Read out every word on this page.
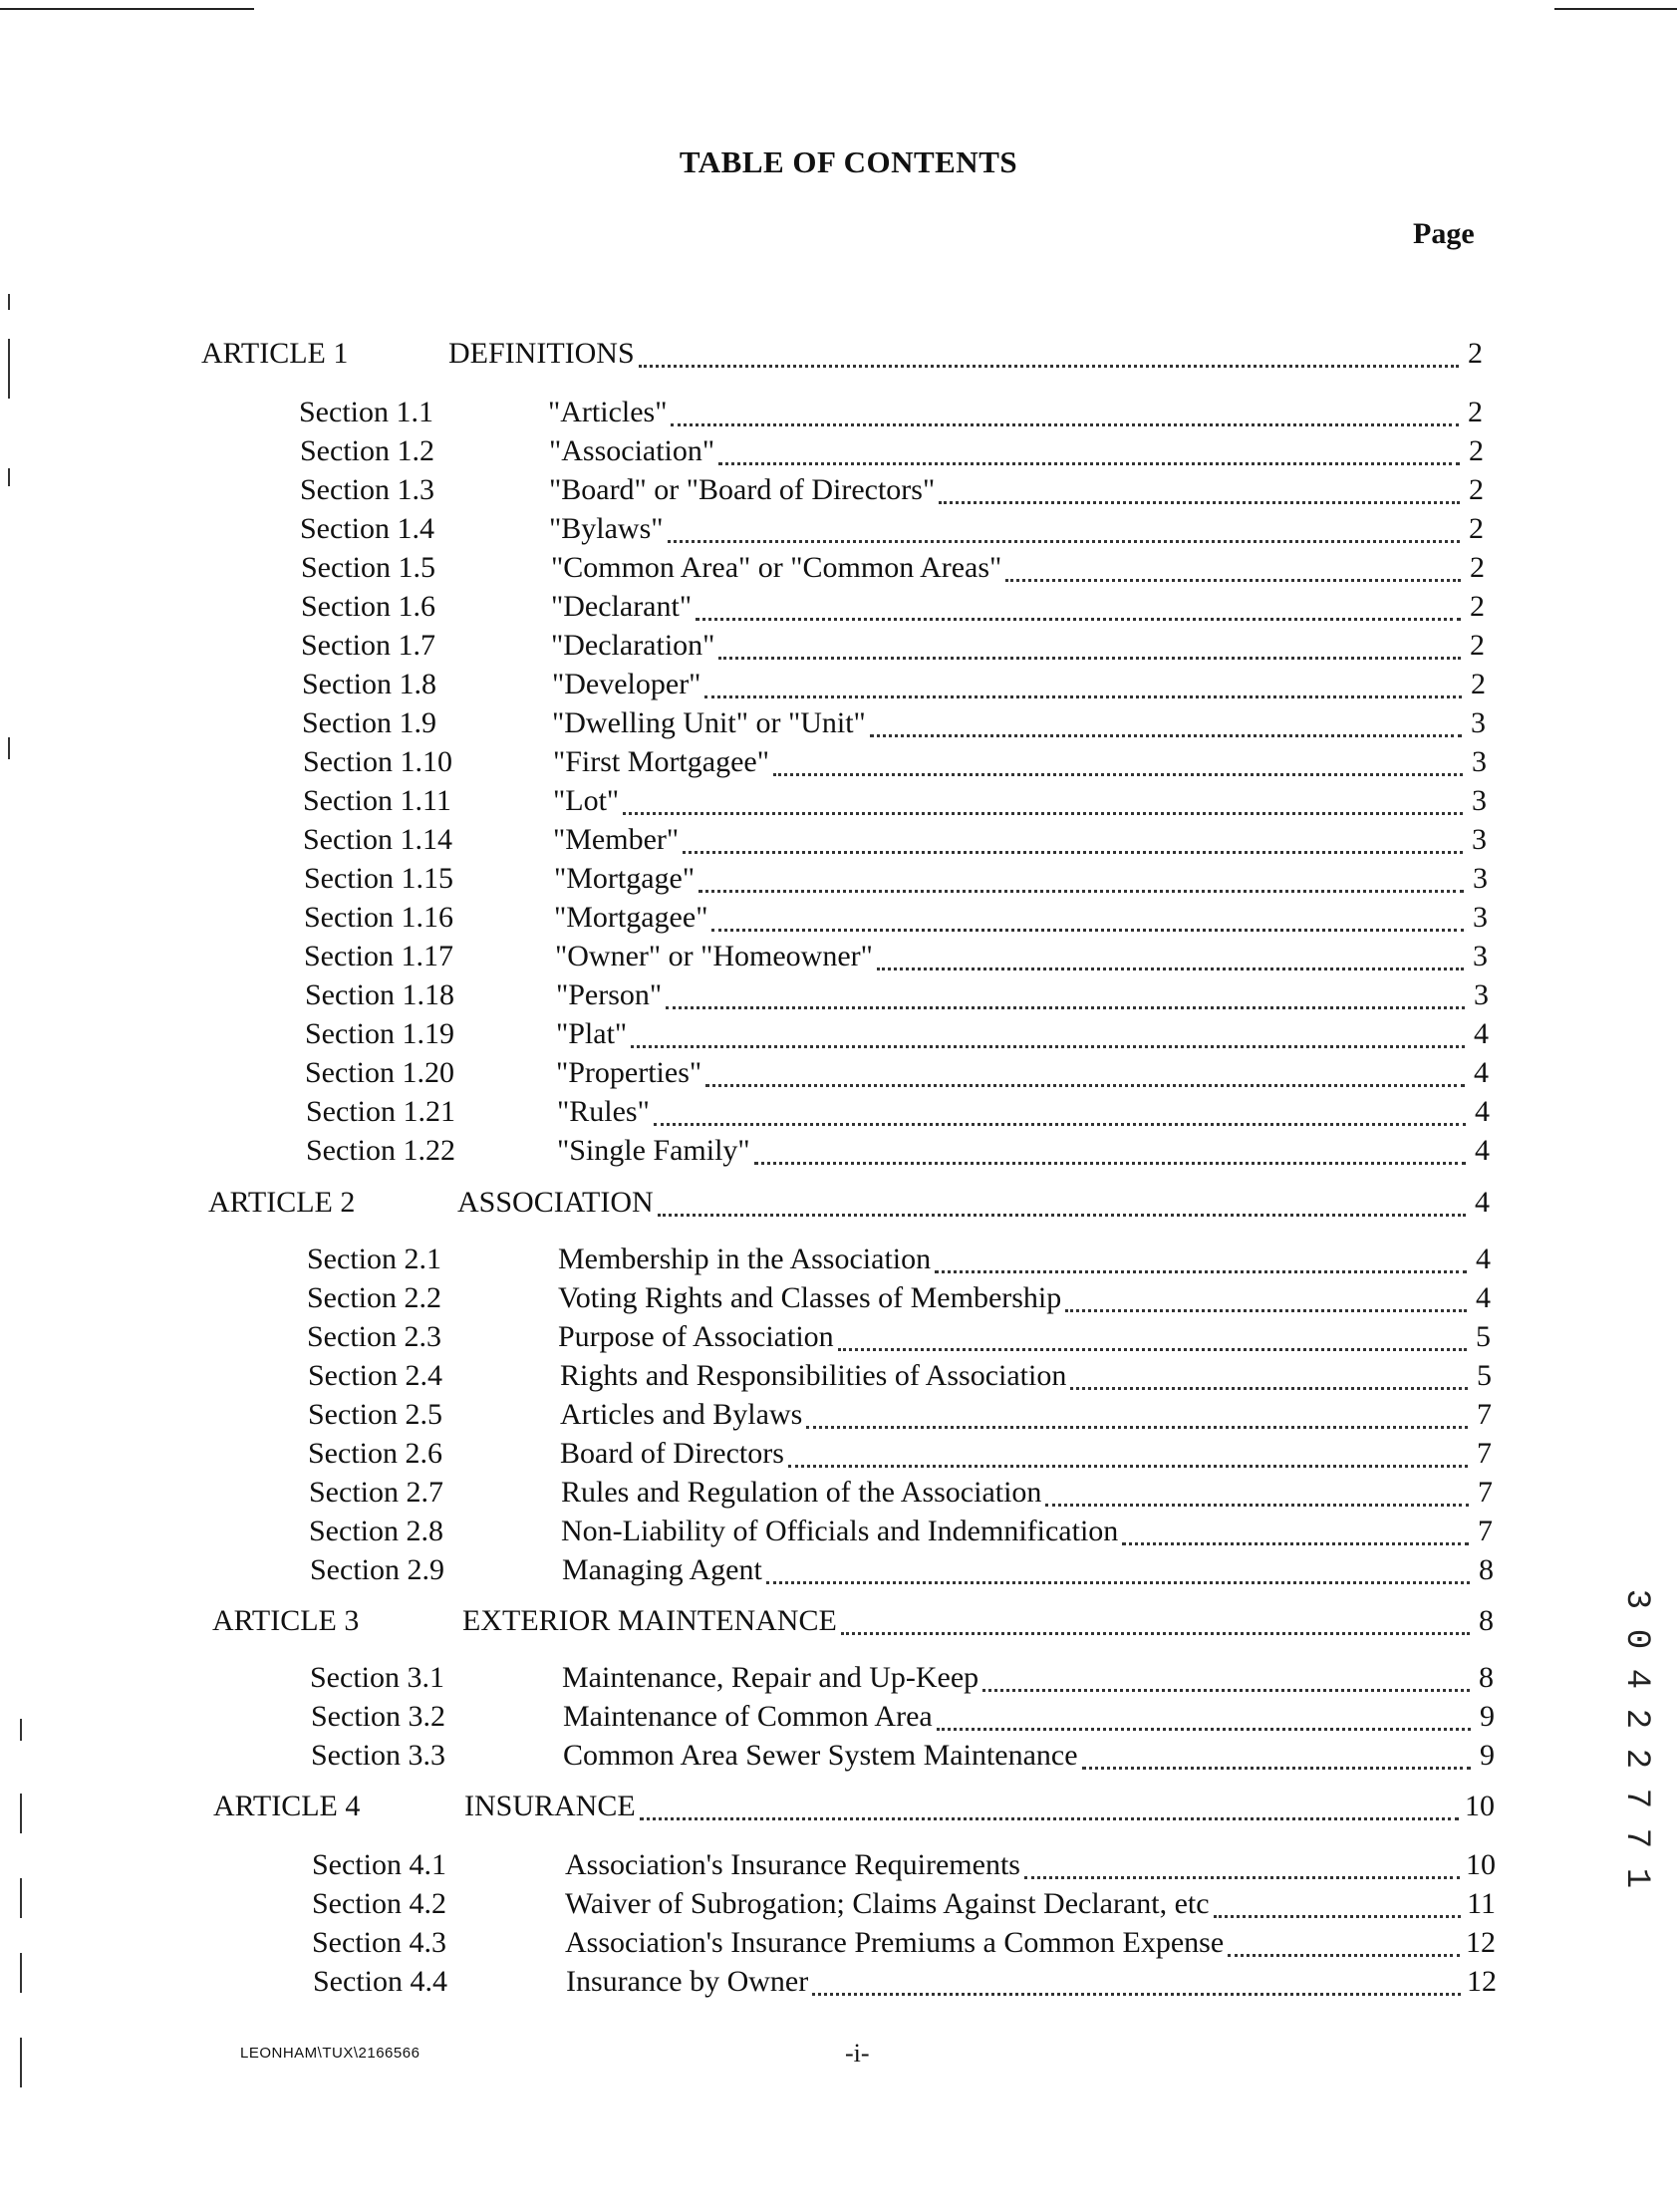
TABLE OF CONTENTS
Page
ARTICLE 1	DEFINITIONS	2
Section 1.1	"Articles"	2
Section 1.2	"Association"	2
Section 1.3	"Board" or "Board of Directors"	2
Section 1.4	"Bylaws"	2
Section 1.5	"Common Area" or "Common Areas"	2
Section 1.6	"Declarant"	2
Section 1.7	"Declaration"	2
Section 1.8	"Developer"	2
Section 1.9	"Dwelling Unit" or "Unit"	3
Section 1.10	"First Mortgagee"	3
Section 1.11	"Lot"	3
Section 1.14	"Member"	3
Section 1.15	"Mortgage"	3
Section 1.16	"Mortgagee"	3
Section 1.17	"Owner" or "Homeowner"	3
Section 1.18	"Person"	3
Section 1.19	"Plat"	4
Section 1.20	"Properties"	4
Section 1.21	"Rules"	4
Section 1.22	"Single Family"	4
ARTICLE 2	ASSOCIATION	4
Section 2.1	Membership in the Association	4
Section 2.2	Voting Rights and Classes of Membership	4
Section 2.3	Purpose of Association	5
Section 2.4	Rights and Responsibilities of Association	5
Section 2.5	Articles and Bylaws	7
Section 2.6	Board of Directors	7
Section 2.7	Rules and Regulation of the Association	7
Section 2.8	Non-Liability of Officials and Indemnification	7
Section 2.9	Managing Agent	8
ARTICLE 3	EXTERIOR MAINTENANCE	8
Section 3.1	Maintenance, Repair and Up-Keep	8
Section 3.2	Maintenance of Common Area	9
Section 3.3	Common Area Sewer System Maintenance	9
ARTICLE 4	INSURANCE	10
Section 4.1	Association's Insurance Requirements	10
Section 4.2	Waiver of Subrogation; Claims Against Declarant, etc	11
Section 4.3	Association's Insurance Premiums a Common Expense	12
Section 4.4	Insurance by Owner	12
LEONHAM\TUX\2166566	-i-
3
0
4
2
2
7
7
1
